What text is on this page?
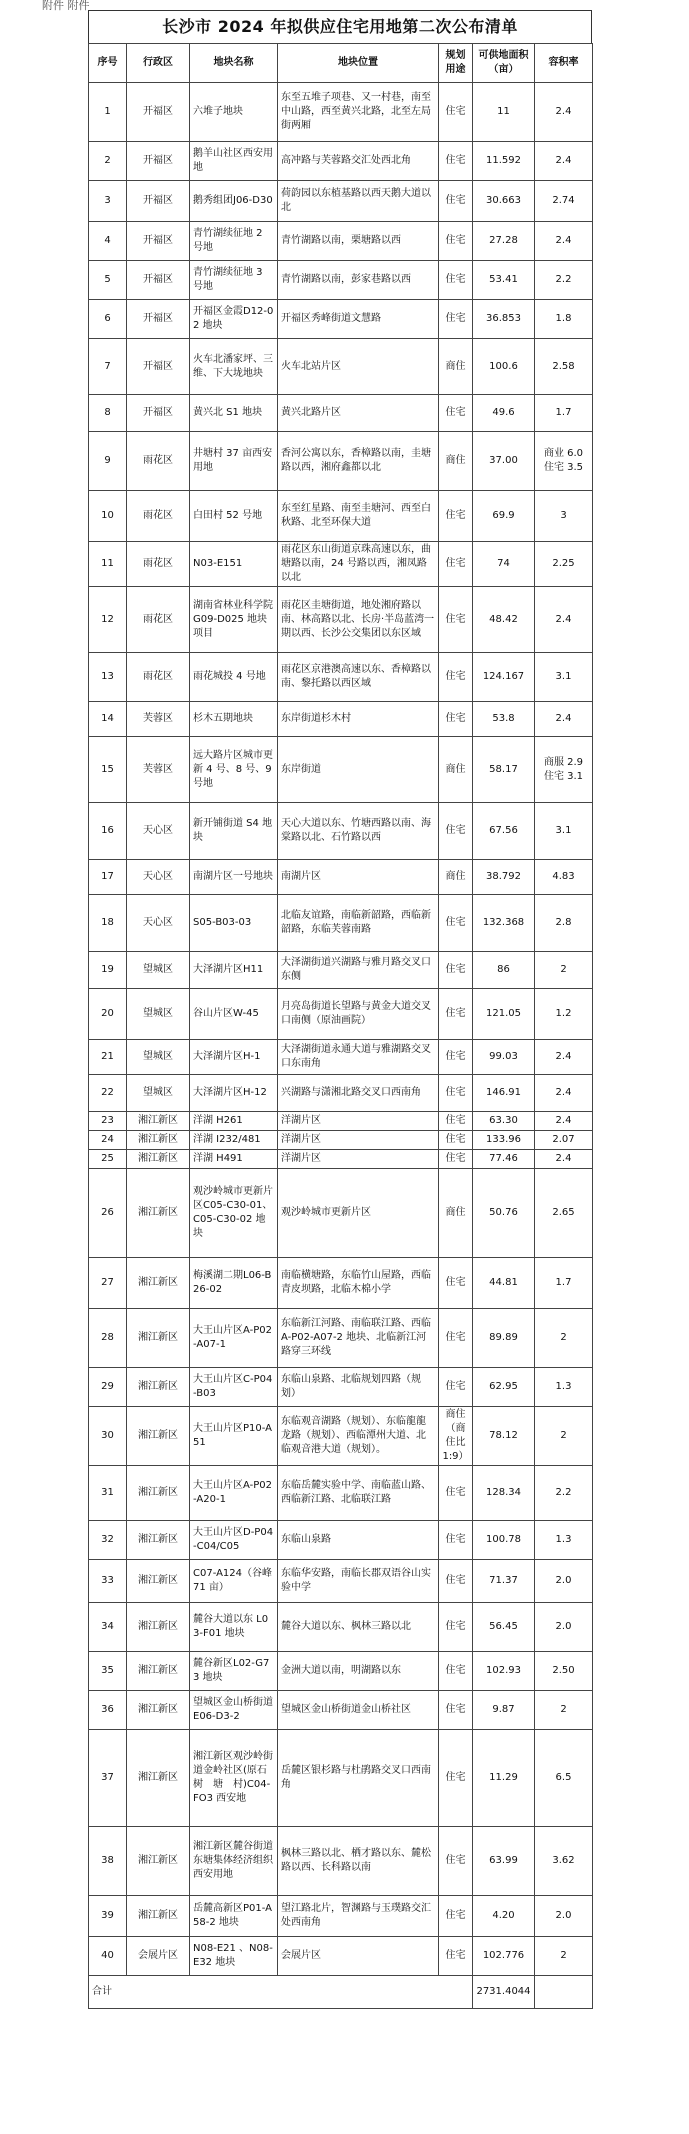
附件 附件
长沙市 2024 年拟供应住宅用地第二次公布清单
序号	行政区	地块名称	地块位置	规划用途	可供地面积（亩）	容积率
1	开福区	六堆子地块	东至五堆子项巷、又一村巷，南至中山路，西至黄兴北路，北至左局街两厢	住宅	11	2.4
2	开福区	鹅羊山社区西安用地	高冲路与芙蓉路交汇处西北角	住宅	11.592	2.4
3	开福区	鹅秀组团J06-D30	荷韵园以东植基路以西天鹅大道以北	住宅	30.663	2.74
4	开福区	青竹湖续征地 2 号地	青竹湖路以南，栗塘路以西	住宅	27.28	2.4
5	开福区	青竹湖续征地 3 号地	青竹湖路以南，彭家巷路以西	住宅	53.41	2.2
6	开福区	开福区金霞D12-02 地块	开福区秀峰街道文慧路	住宅	36.853	1.8
7	开福区	火车北潘家坪、三维、下大垅地块	火车北站片区	商住	100.6	2.58
8	开福区	黄兴北 S1 地块	黄兴北路片区	住宅	49.6	1.7
9	雨花区	井塘村 37 亩西安用地	香河公寓以东，香樟路以南，圭塘路以西，湘府鑫都以北	商住	37.00	商业 6.0 住宅 3.5
10	雨花区	白田村 52 号地	东至红星路、南至圭塘河、西至白秋路、北至环保大道	住宅	69.9	3
11	雨花区	N03-E151	雨花区东山街道京珠高速以东，曲塘路以南，24 号路以西，湘凤路以北	住宅	74	2.25
12	雨花区	湖南省林业科学院G09-D025 地块项目	雨花区圭塘街道，地处湘府路以南、林高路以北、长房·半岛蓝湾一期以西、长沙公交集团以东区域	住宅	48.42	2.4
13	雨花区	雨花城投 4 号地	雨花区京港澳高速以东、香樟路以南、黎托路以西区域	住宅	124.167	3.1
14	芙蓉区	杉木五期地块	东岸街道杉木村	住宅	53.8	2.4
15	芙蓉区	远大路片区城市更新 4 号、8 号、9 号地	东岸街道	商住	58.17	商服 2.9 住宅 3.1
16	天心区	新开铺街道 S4 地块	天心大道以东、竹塘西路以南、海棠路以北、石竹路以西	住宅	67.56	3.1
17	天心区	南湖片区一号地块	南湖片区	商住	38.792	4.83
18	天心区	S05-B03-03	北临友谊路，南临新韶路，西临新韶路，东临芙蓉南路	住宅	132.368	2.8
19	望城区	大泽湖片区H11	大泽湖街道兴湖路与雅月路交叉口东侧	住宅	86	2
20	望城区	谷山片区W-45	月亮岛街道长望路与黄金大道交叉口南侧（原油画院）	住宅	121.05	1.2
21	望城区	大泽湖片区H-1	大泽湖街道永通大道与雅湖路交叉口东南角	住宅	99.03	2.4
22	望城区	大泽湖片区H-12	兴湖路与潇湘北路交叉口西南角	住宅	146.91	2.4
23	湘江新区	洋湖 H261	洋湖片区	住宅	63.30	2.4
24	湘江新区	洋湖 I232/481	洋湖片区	住宅	133.96	2.07
25	湘江新区	洋湖 H491	洋湖片区	住宅	77.46	2.4
26	湘江新区	观沙岭城市更新片区C05-C30-01、C05-C30-02 地块	观沙岭城市更新片区	商住	50.76	2.65
27	湘江新区	梅溪湖二期L06-B26-02	南临横塘路，东临竹山屋路，西临青皮坝路，北临木棉小学	住宅	44.81	1.7
28	湘江新区	大王山片区A-P02-A07-1	东临新江河路、南临联江路、西临 A-P02-A07-2 地块、北临新江河路穿三环线	住宅	89.89	2
29	湘江新区	大王山片区C-P04-B03	东临山泉路、北临规划四路（规划）	住宅	62.95	1.3
30	湘江新区	大王山片区P10-A51	东临观音湖路（规划）、东临龍龍龙路（规划）、西临潭州大道、北临观音港大道（规划）。	商住（商住比 1:9）	78.12	2
31	湘江新区	大王山片区A-P02-A20-1	东临岳麓实验中学、南临蓝山路、西临新江路、北临联江路	住宅	128.34	2.2
32	湘江新区	大王山片区D-P04-C04/C05	东临山泉路	住宅	100.78	1.3
33	湘江新区	C07-A124（谷峰 71 亩）	东临华安路，南临长郡双语谷山实验中学	住宅	71.37	2.0
34	湘江新区	麓谷大道以东 L03-F01 地块	麓谷大道以东、枫林三路以北	住宅	56.45	2.0
35	湘江新区	麓谷新区L02-G73 地块	金洲大道以南，明湖路以东	住宅	102.93	2.50
36	湘江新区	望城区金山桥街道E06-D3-2	望城区金山桥街道金山桥社区	住宅	9.87	2
37	湘江新区	湘江新区观沙岭街道金岭社区(原石树　塘　村)C04-FO3 西安地	岳麓区银杉路与杜鹃路交叉口西南角	住宅	11.29	6.5
38	湘江新区	湘江新区麓谷街道东塘集体经济组织西安用地	枫林三路以北、栖才路以东、麓松路以西、长科路以南	住宅	63.99	3.62
39	湘江新区	岳麓高新区P01-A58-2 地块	望江路北片，智渊路与玉璞路交汇处西南角	住宅	4.20	2.0
40	会展片区	N08-E21 、N08-E32 地块	会展片区	住宅	102.776	2
合计					2731.4044	
